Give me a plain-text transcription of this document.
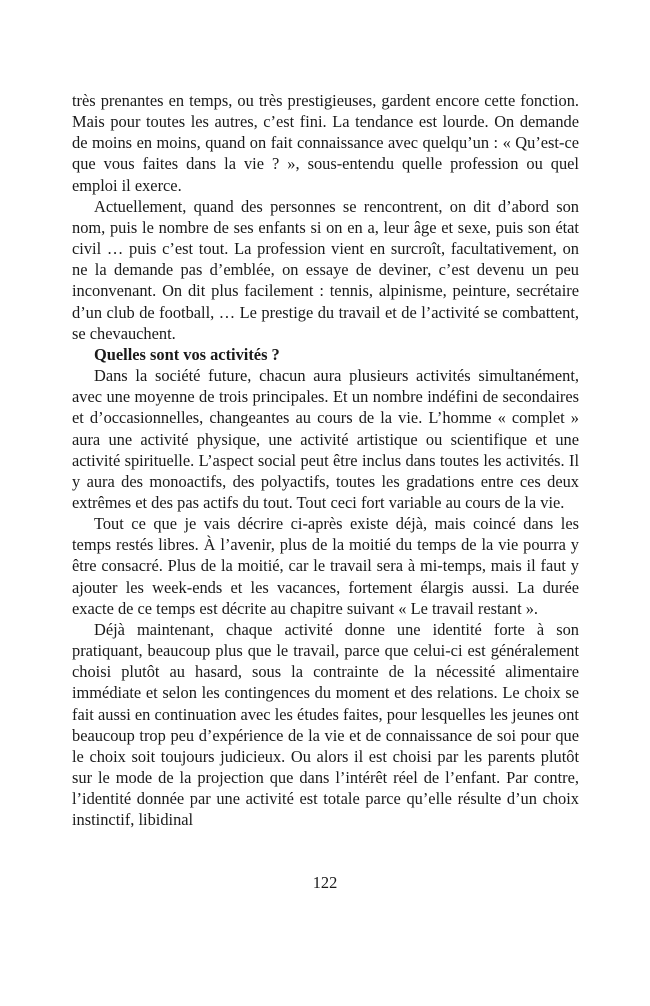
très prenantes en temps, ou très prestigieuses, gardent encore cette fonction. Mais pour toutes les autres, c’est fini. La tendance est lourde. On demande de moins en moins, quand on fait connaissance avec quelqu’un : « Qu’est-ce que vous faites dans la vie ? », sous-entendu quelle profession ou quel emploi il exerce.

Actuellement, quand des personnes se rencontrent, on dit d’abord son nom, puis le nombre de ses enfants si on en a, leur âge et sexe, puis son état civil … puis c’est tout. La profession vient en surcroît, facultativement, on ne la demande pas d’emblée, on essaye de deviner, c’est devenu un peu inconvenant. On dit plus facilement : tennis, alpinisme, peinture, secrétaire d’un club de football, … Le prestige du travail et de l’activité se combattent, se chevauchent.

Quelles sont vos activités ?

Dans la société future, chacun aura plusieurs activités simultanément, avec une moyenne de trois principales. Et un nombre indéfini de secondaires et d’occasionnelles, changeantes au cours de la vie. L’homme « complet » aura une activité physique, une activité artistique ou scientifique et une activité spirituelle. L’aspect social peut être inclus dans toutes les activités. Il y aura des monoactifs, des polyactifs, toutes les gradations entre ces deux extrêmes et des pas actifs du tout. Tout ceci fort variable au cours de la vie.

Tout ce que je vais décrire ci-après existe déjà, mais coincé dans les temps restés libres. À l’avenir, plus de la moitié du temps de la vie pourra y être consacré. Plus de la moitié, car le travail sera à mi-temps, mais il faut y ajouter les week-ends et les vacances, fortement élargis aussi. La durée exacte de ce temps est décrite au chapitre suivant « Le travail restant ».

Déjà maintenant, chaque activité donne une identité forte à son pratiquant, beaucoup plus que le travail, parce que celui-ci est généralement choisi plutôt au hasard, sous la contrainte de la nécessité alimentaire immédiate et selon les contingences du moment et des relations. Le choix se fait aussi en continuation avec les études faites, pour lesquelles les jeunes ont beaucoup trop peu d’expérience de la vie et de connaissance de soi pour que le choix soit toujours judicieux. Ou alors il est choisi par les parents plutôt sur le mode de la projection que dans l’intérêt réel de l’enfant. Par contre, l’identité donnée par une activité est totale parce qu’elle résulte d’un choix instinctif, libidinal

122
